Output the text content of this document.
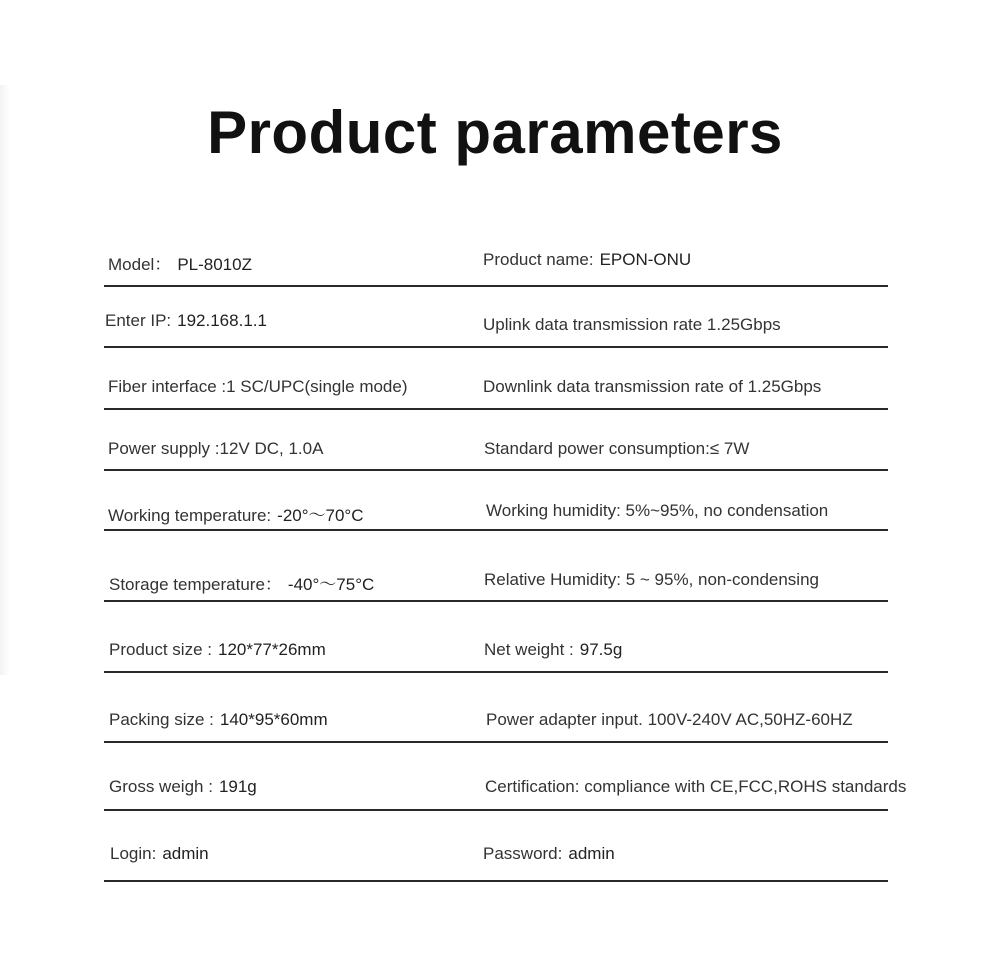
Product parameters
Model： PL-8010Z	Product name: EPON-ONU
Enter IP: 192.168.1.1	Uplink data transmission rate 1.25Gbps
Fiber interface :1 SC/UPC(single mode)	Downlink data transmission rate of 1.25Gbps
Power supply :12V DC, 1.0A	Standard power consumption:≤ 7W
Working temperature: -20°～70°C	Working humidity: 5%~95%, no condensation
Storage temperature： -40°～75°C	Relative Humidity: 5 ~ 95%, non-condensing
Product size : 120*77*26mm	Net weight : 97.5g
Packing size : 140*95*60mm	Power adapter input. 100V-240V AC,50HZ-60HZ
Gross weigh : 191g	Certification: compliance with CE,FCC,ROHS standards
Login: admin	Password: admin
